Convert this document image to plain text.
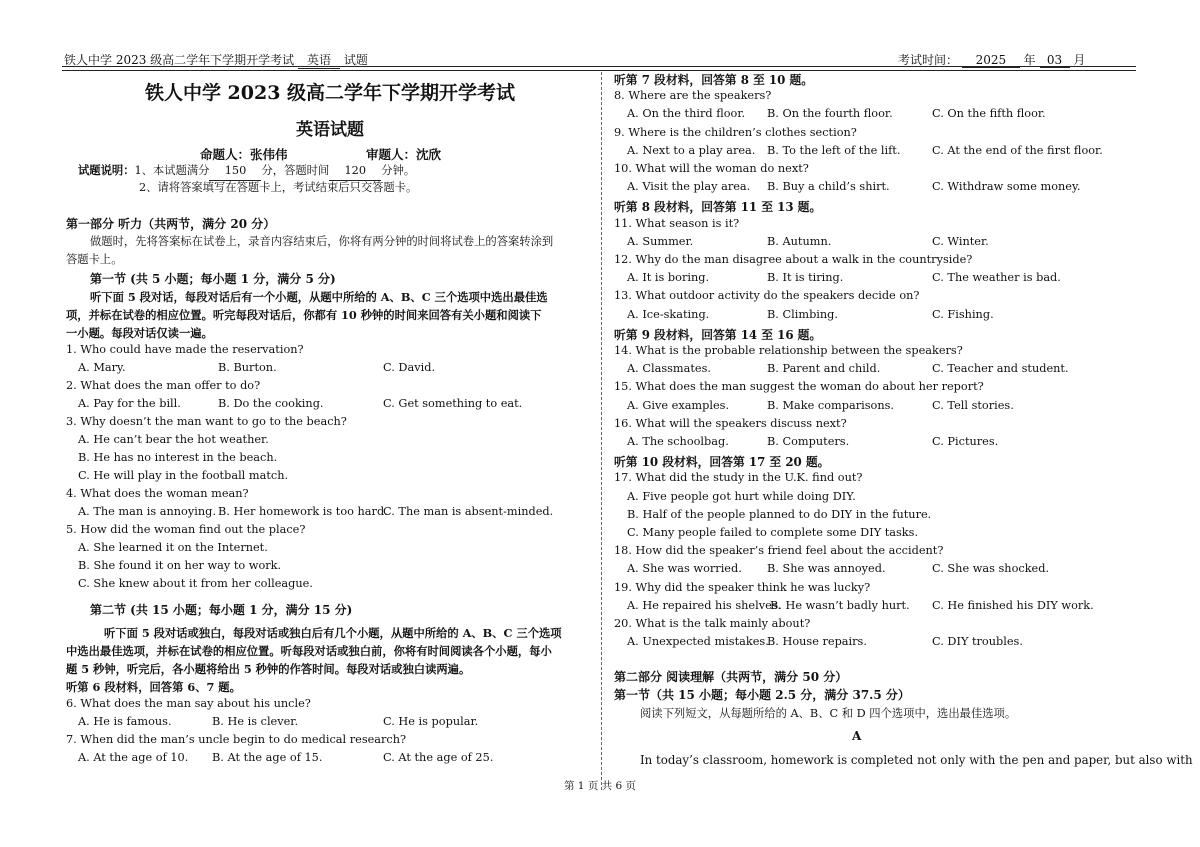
铁人中学 2023 级高二学年下学期开学考试 英语 试题	考试时间： 2025 年 03 月
铁人中学 2023 级高二学年下学期开学考试
英语试题
命题人：张伟伟	审题人：沈欣
试题说明：1、本试题满分 150 分，答题时间 120 分钟。
2、请将答案填写在答题卡上，考试结束后只交答题卡。
第一部分 听力（共两节，满分 20 分）
做题时，先将答案标在试卷上，录音内容结束后，你将有两分钟的时间将试卷上的答案转涂到
答题卡上。
第一节 (共 5 小题；每小题 1 分，满分 5 分)
听下面 5 段对话，每段对话后有一个小题，从题中所给的 A、B、C 三个选项中选出最佳选
项，并标在试卷的相应位置。听完每段对话后，你都有 10 秒钟的时间来回答有关小题和阅读下
一小题。每段对话仅读一遍。
1. Who could have made the reservation?
A. Mary.	B. Burton.	C. David.
2. What does the man offer to do?
A. Pay for the bill.	B. Do the cooking.	C. Get something to eat.
3. Why doesn’t the man want to go to the beach?
A. He can’t bear the hot weather.
B. He has no interest in the beach.
C. He will play in the football match.
4. What does the woman mean?
A. The man is annoying. B. Her homework is too hard.
C. The man is absent-minded.
5. How did the woman find out the place?
A. She learned it on the Internet.
B. She found it on her way to work.
C. She knew about it from her colleague.
第二节 (共 15 小题；每小题 1 分，满分 15 分)
听下面 5 段对话或独白，每段对话或独白后有几个小题，从题中所给的 A、B、C 三个选项
中选出最佳选项，并标在试卷的相应位置。听每段对话或独白前，你将有时间阅读各个小题，每小
题 5 秒钟，听完后，各小题将给出 5 秒钟的作答时间。每段对话或独白读两遍。
听第 6 段材料，回答第 6、7 题。
6. What does the man say about his uncle?
A. He is famous.	B. He is clever.	C. He is popular.
7. When did the man’s uncle begin to do medical research?
A. At the age of 10. B. At the age of 15.	C. At the age of 25.
听第 7 段材料，回答第 8 至 10 题。
8. Where are the speakers?
A. On the third floor. B. On the fourth floor.	C. On the fifth floor.
9. Where is the children’s clothes section?
A. Next to a play area. B. To the left of the lift.	C. At the end of the first floor.
10. What will the woman do next?
A. Visit the play area. B. Buy a child’s shirt.	C. Withdraw some money.
听第 8 段材料，回答第 11 至 13 题。
11. What season is it?
A. Summer.	B. Autumn.	C. Winter.
12. Why do the man disagree about a walk in the countryside?
A. It is boring.	B. It is tiring.	C. The weather is bad.
13. What outdoor activity do the speakers decide on?
A. Ice-skating.	B. Climbing.	C. Fishing.
听第 9 段材料，回答第 14 至 16 题。
14. What is the probable relationship between the speakers?
A. Classmates.	B. Parent and child.	C. Teacher and student.
15. What does the man suggest the woman do about her report?
A. Give examples.	B. Make comparisons.	C. Tell stories.
16. What will the speakers discuss next?
A. The schoolbag.	B. Computers.	C. Pictures.
听第 10 段材料，回答第 17 至 20 题。
17. What did the study in the U.K. find out?
A. Five people got hurt while doing DIY.
B. Half of the people planned to do DIY in the future.
C. Many people failed to complete some DIY tasks.
18. How did the speaker’s friend feel about the accident?
A. She was worried. B. She was annoyed.	C. She was shocked.
19. Why did the speaker think he was lucky?
A. He repaired his shelves.
B. He wasn’t badly hurt. C. He finished his DIY work.
20. What is the talk mainly about?
A. Unexpected mistakes.
B. House repairs.	C. DIY troubles.
第二部分 阅读理解（共两节，满分 50 分）
第一节（共 15 小题；每小题 2.5 分，满分 37.5 分）
阅读下列短文，从每题所给的 A、B、C 和 D 四个选项中，选出最佳选项。
A
In today’s classroom, homework is completed not only with the pen and paper, but also with
第 1 页 共 6 页
